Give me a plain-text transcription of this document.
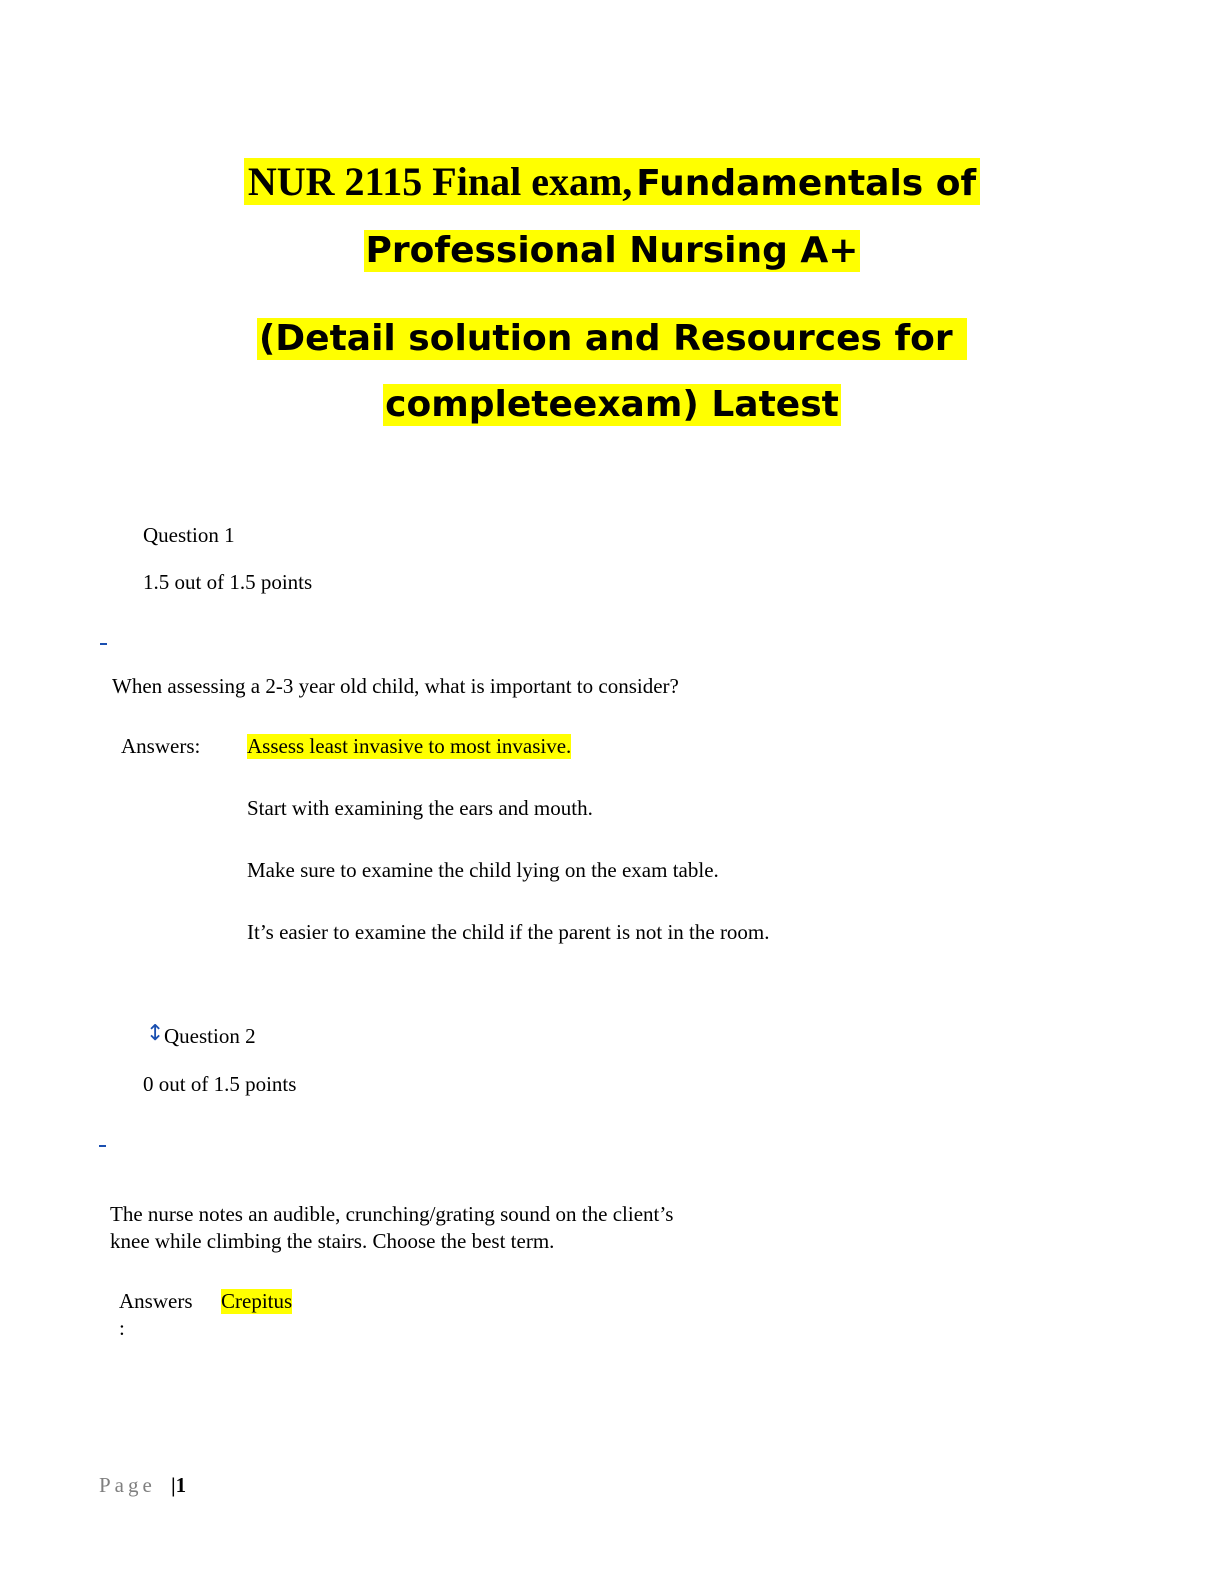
NUR 2115 Final exam,Fundamentals of
Professional Nursing A+
(Detail solution and Resources for
completeexam) Latest
Question 1
1.5 out of 1.5 points
When assessing a 2-3 year old child, what is important to consider?
Answers: Assess least invasive to most invasive.
Start with examining the ears and mouth.
Make sure to examine the child lying on the exam table.
It’s easier to examine the child if the parent is not in the room.
↕ Question 2
0 out of 1.5 points
The nurse notes an audible, crunching/grating sound on the client’s
knee while climbing the stairs. Choose the best term.
Answers
:
Crepitus
Page |1
